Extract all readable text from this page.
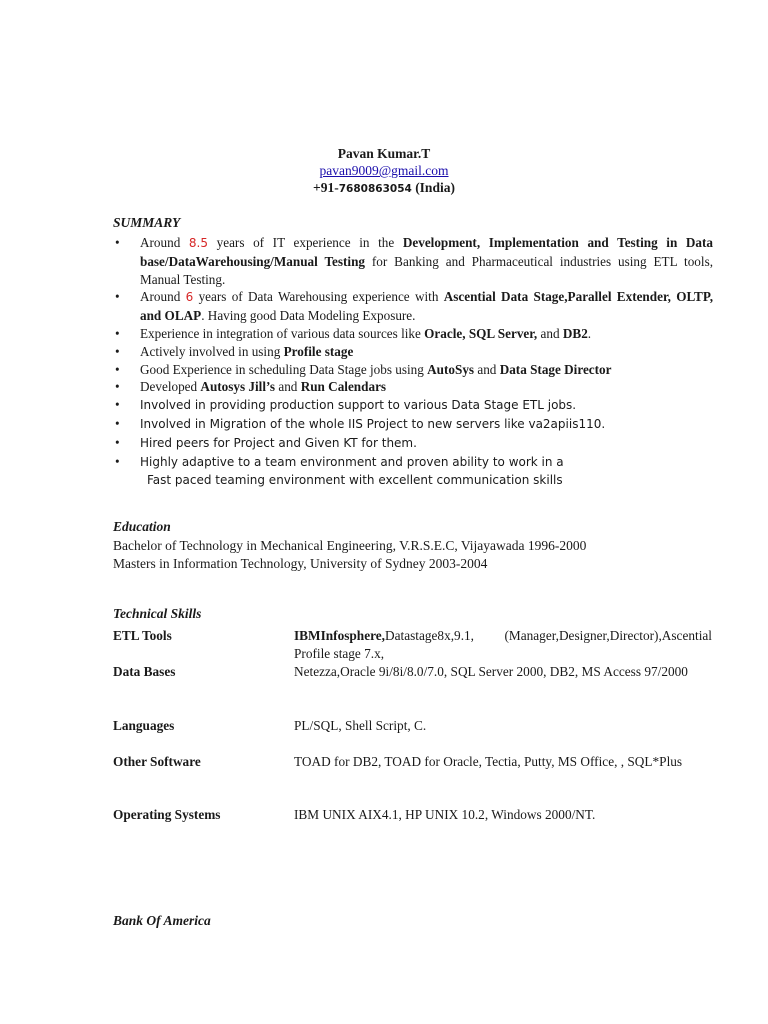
Pavan Kumar.T
pavan9009@gmail.com
+91-7680863054 (India)
SUMMARY
• Around 8.5 years of IT experience in the Development, Implementation and Testing in Data base/DataWarehousing/Manual Testing for Banking and Pharmaceutical industries using ETL tools, Manual Testing.
• Around 6 years of Data Warehousing experience with Ascential Data Stage,Parallel Extender, OLTP, and OLAP. Having good Data Modeling Exposure.
• Experience in integration of various data sources like Oracle, SQL Server, and DB2.
• Actively involved in using Profile stage
• Good Experience in scheduling Data Stage jobs using AutoSys and Data Stage Director
• Developed Autosys Jill’s and Run Calendars
• Involved in providing production support to various Data Stage ETL jobs.
• Involved in Migration of the whole IIS Project to new servers like va2apiis110.
• Hired peers for Project and Given KT for them.
• Highly adaptive to a team environment and proven ability to work in a
Fast paced teaming environment with excellent communication skills
Education
Bachelor of Technology in Mechanical Engineering, V.R.S.E.C, Vijayawada 1996-2000
Masters in Information Technology, University of Sydney 2003-2004
Technical Skills
ETL Tools	IBMInfosphere,Datastage8x,9.1, (Manager,Designer,Director),Ascential Profile stage 7.x,
Data Bases	Netezza,Oracle 9i/8i/8.0/7.0, SQL Server 2000, DB2, MS Access 97/2000
Languages	PL/SQL, Shell Script, C.
Other Software	TOAD for DB2, TOAD for Oracle, Tectia, Putty, MS Office, , SQL*Plus
Operating Systems	IBM UNIX AIX4.1, HP UNIX 10.2, Windows 2000/NT.
Bank Of America
